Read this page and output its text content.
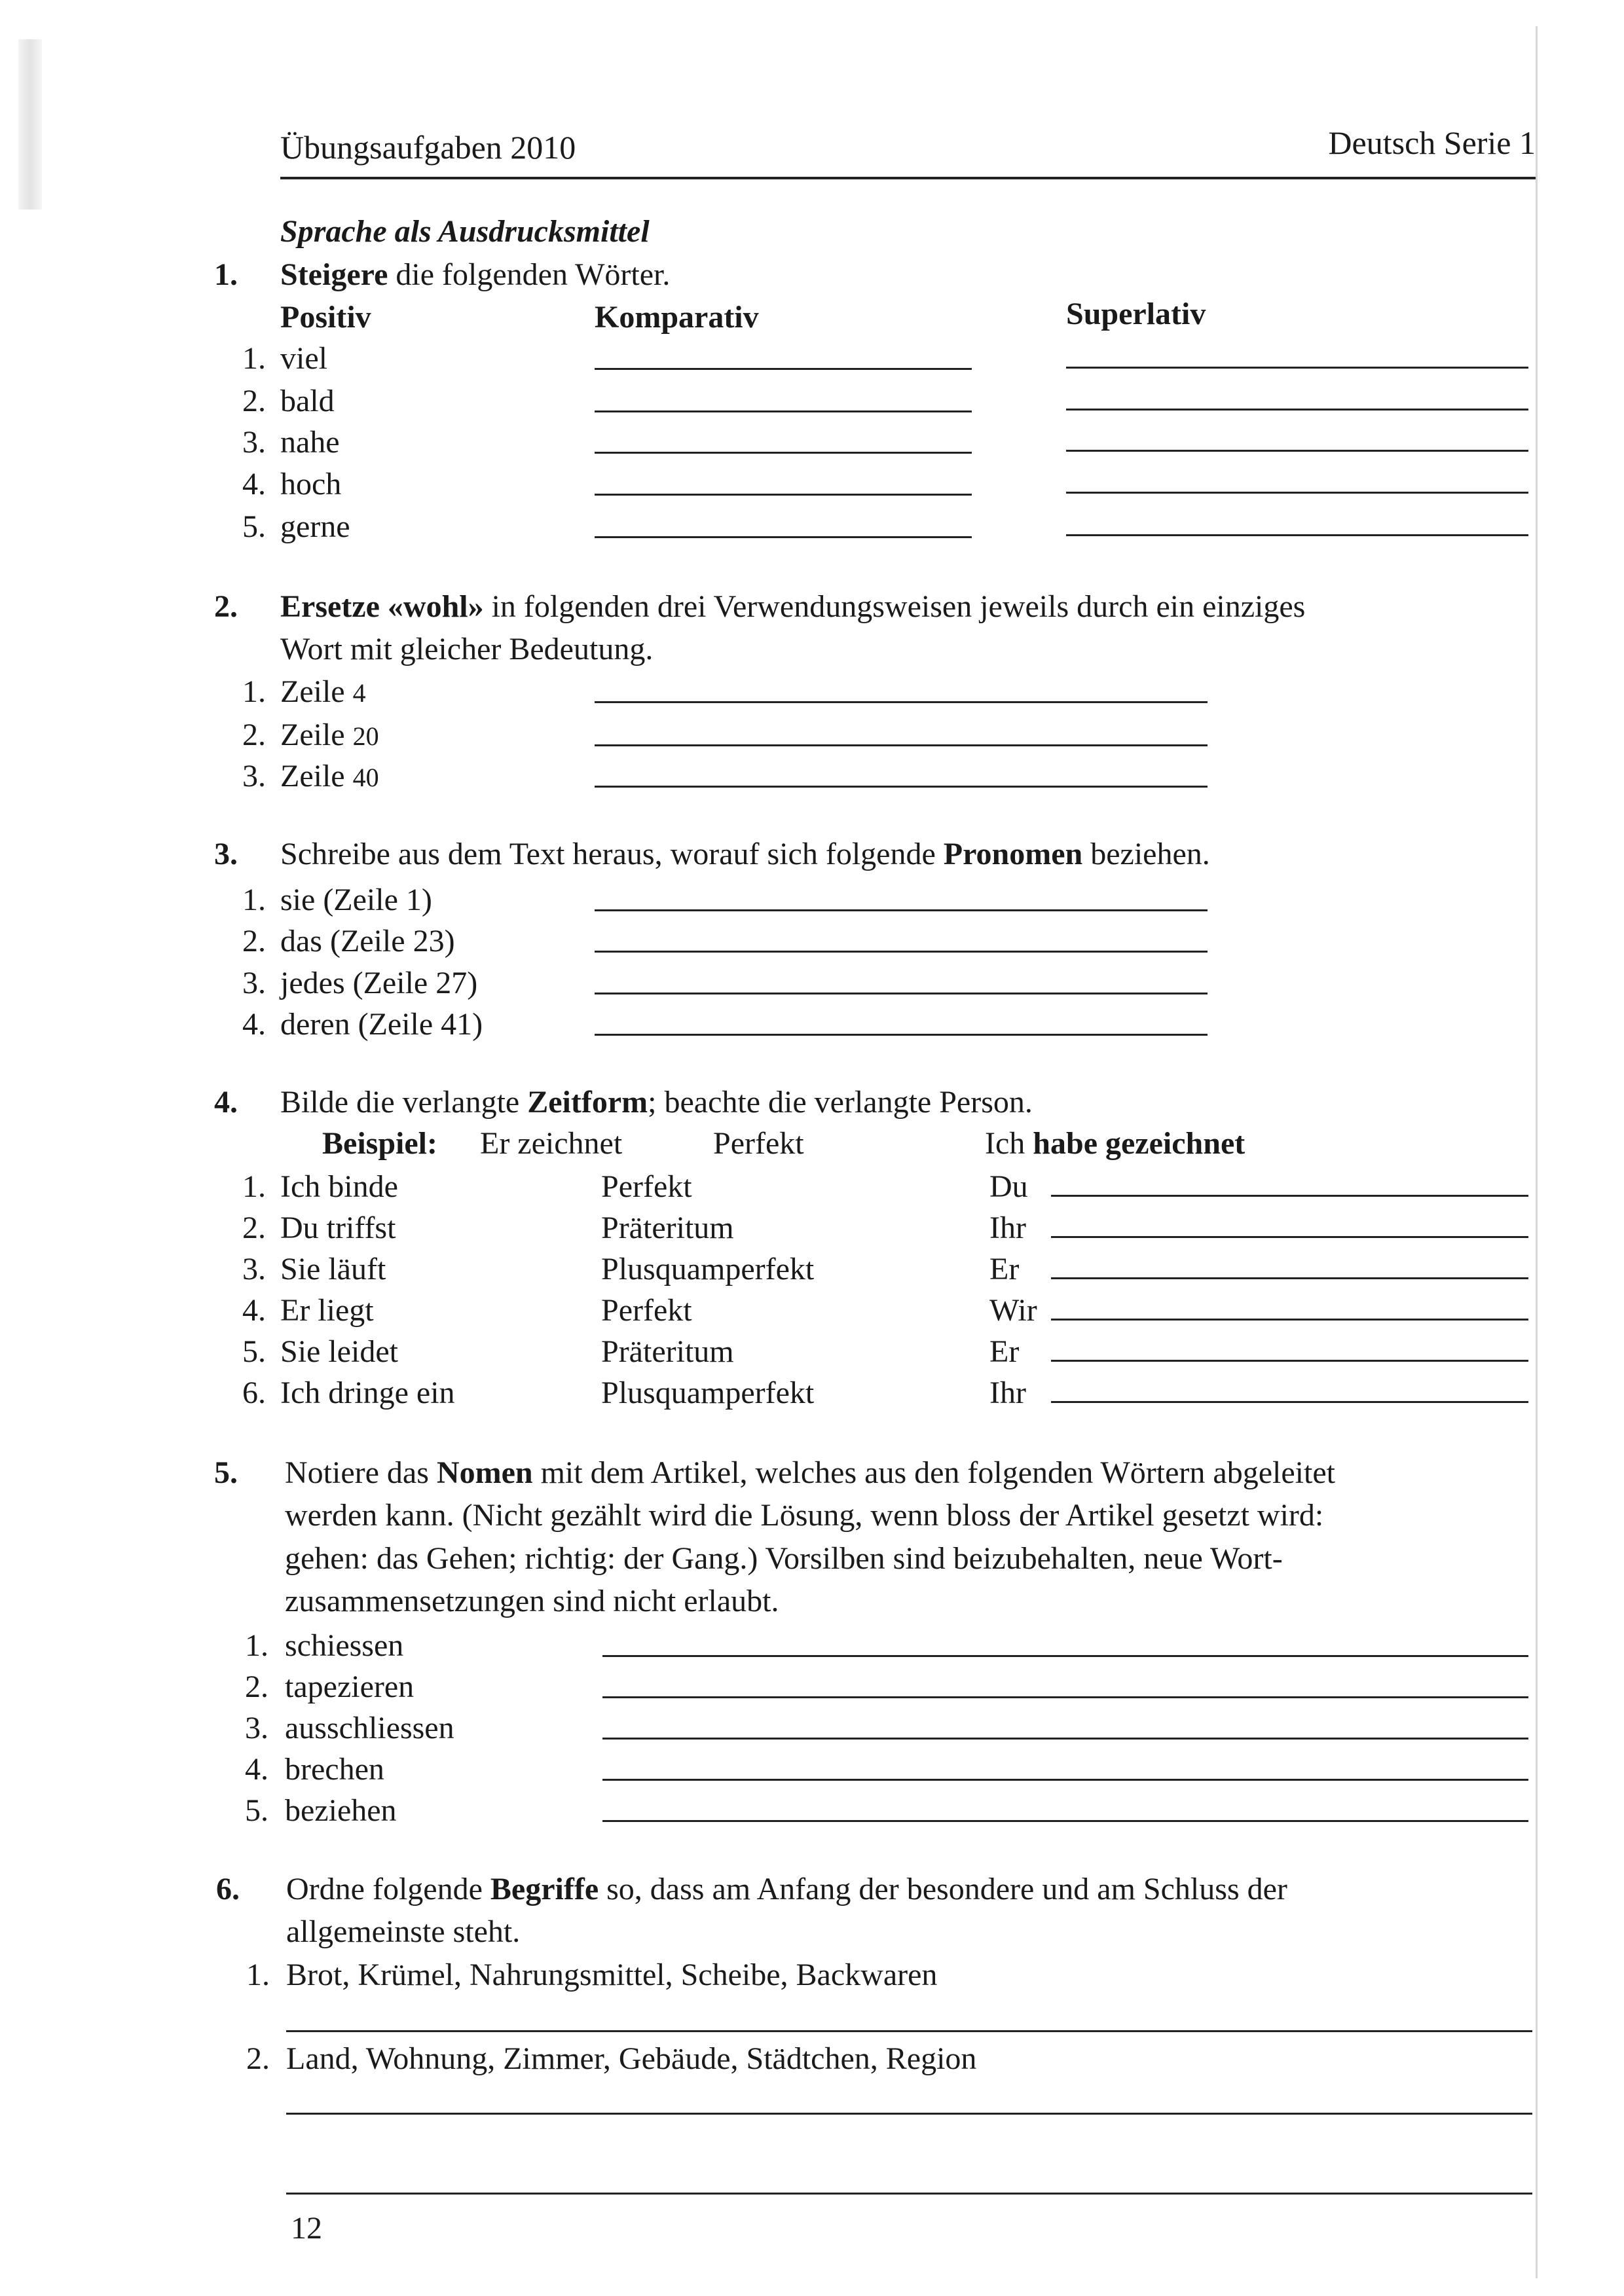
Übungsaufgaben 2010	Deutsch Serie 1
Sprache als Ausdrucksmittel
1. Steigere die folgenden Wörter.
Positiv	Komparativ	Superlativ
1. viel
2. bald
3. nahe
4. hoch
5. gerne
2. Ersetze «wohl» in folgenden drei Verwendungsweisen jeweils durch ein einziges
Wort mit gleicher Bedeutung.
1. Zeile 4
2. Zeile 20
3. Zeile 40
3. Schreibe aus dem Text heraus, worauf sich folgende Pronomen beziehen.
1. sie (Zeile 1)
2. das (Zeile 23)
3. jedes (Zeile 27)
4. deren (Zeile 41)
4. Bilde die verlangte Zeitform; beachte die verlangte Person.
Beispiel: Er zeichnet	Perfekt	Ich habe gezeichnet
1. Ich binde	Perfekt	Du
2. Du triffst	Präteritum	Ihr
3. Sie läuft	Plusquamperfekt	Er
4. Er liegt	Perfekt	Wir
5. Sie leidet	Präteritum	Er
6. Ich dringe ein	Plusquamperfekt	Ihr
5. Notiere das Nomen mit dem Artikel, welches aus den folgenden Wörtern abgeleitet
werden kann. (Nicht gezählt wird die Lösung, wenn bloss der Artikel gesetzt wird:
gehen: das Gehen; richtig: der Gang.) Vorsilben sind beizubehalten, neue Wort-
zusammensetzungen sind nicht erlaubt.
1. schiessen
2. tapezieren
3. ausschliessen
4. brechen
5. beziehen
6. Ordne folgende Begriffe so, dass am Anfang der besondere und am Schluss der
allgemeinste steht.
1. Brot, Krümel, Nahrungsmittel, Scheibe, Backwaren
2. Land, Wohnung, Zimmer, Gebäude, Städtchen, Region
12
